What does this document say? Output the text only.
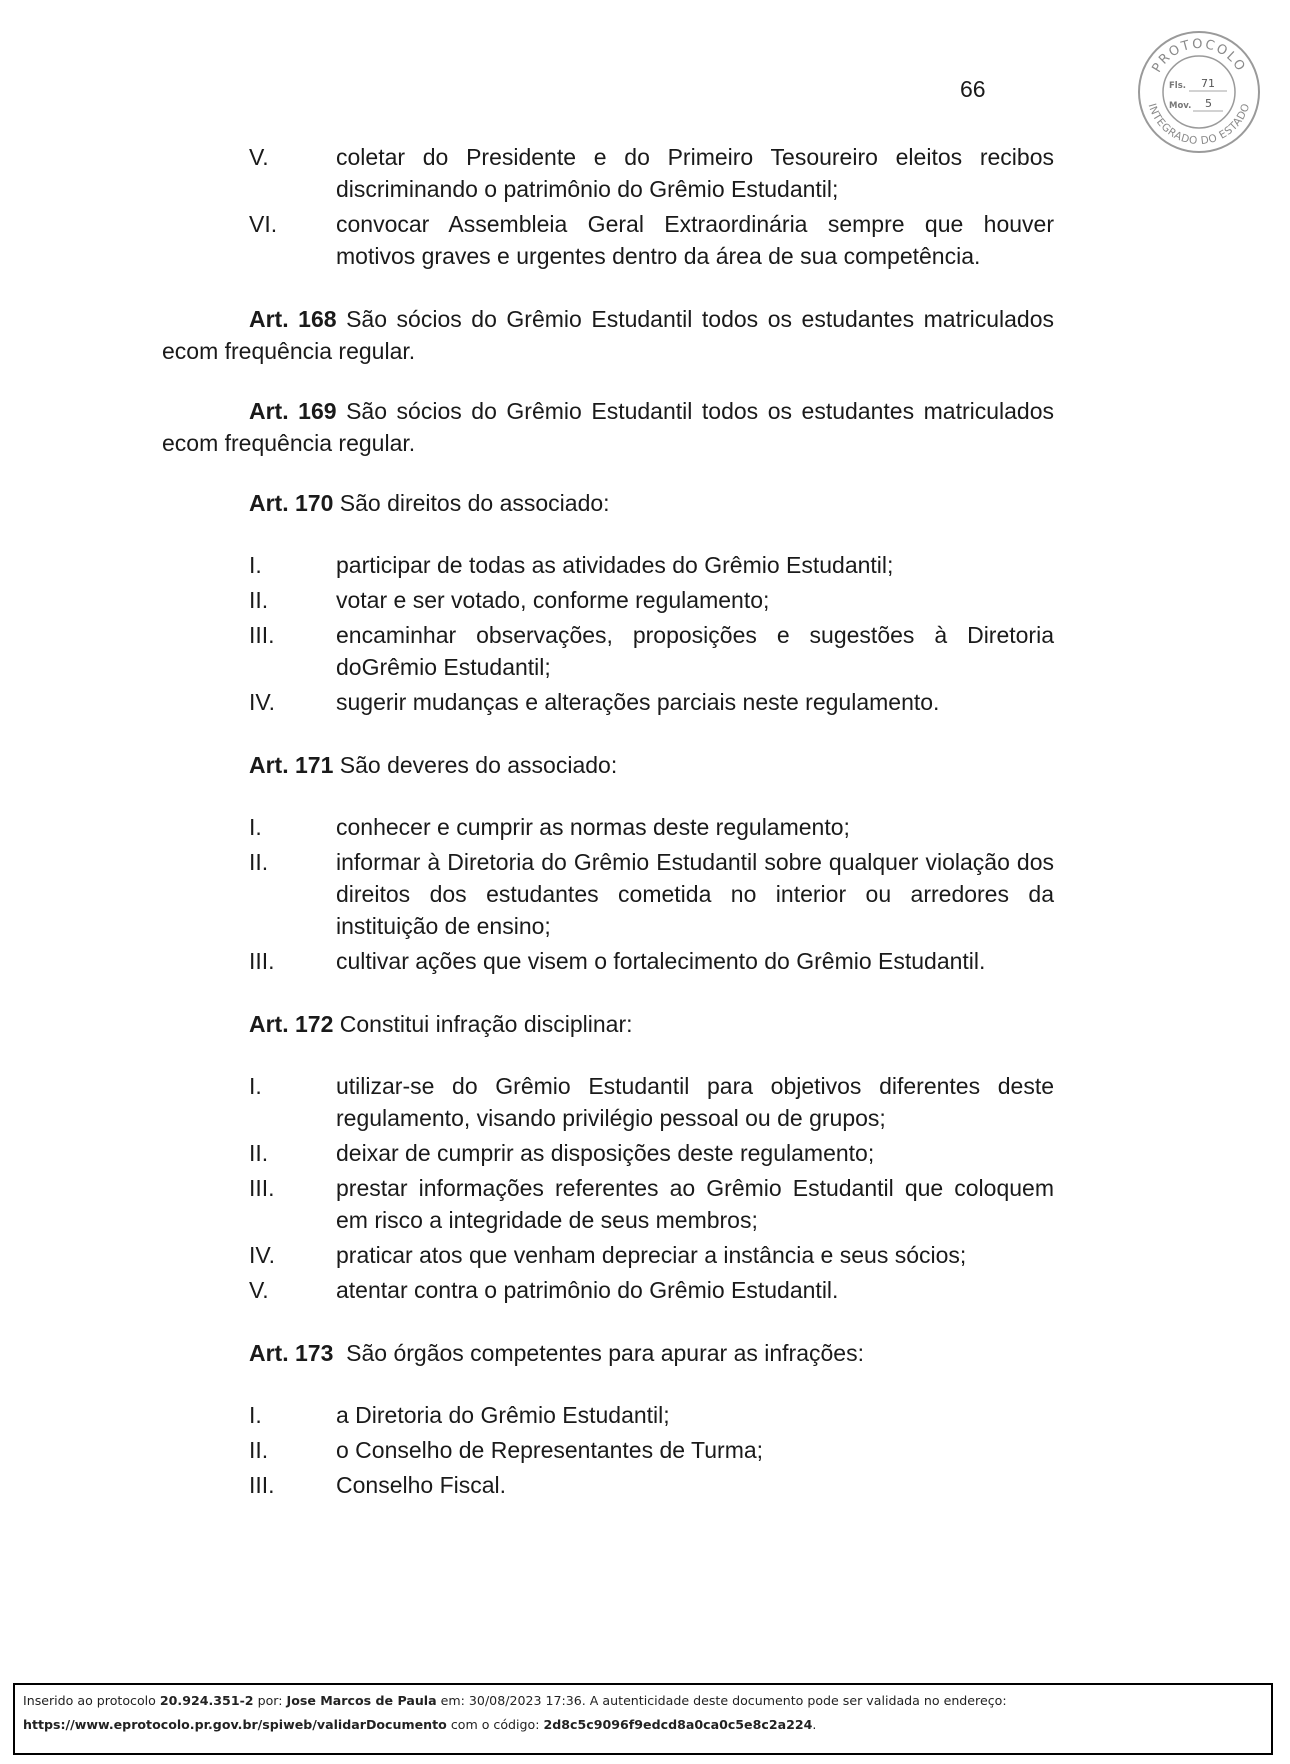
66
PROTOCOLO
INTEGRADO DO ESTADO
Fls. 71
Mov. 5
V.	coletar do Presidente e do Primeiro Tesoureiro eleitos recibos discriminando o patrimônio do Grêmio Estudantil;
VI.	convocar Assembleia Geral Extraordinária sempre que houver motivos graves e urgentes dentro da área de sua competência.

Art. 168 São sócios do Grêmio Estudantil todos os estudantes matriculados ecom frequência regular.

Art. 169 São sócios do Grêmio Estudantil todos os estudantes matriculados ecom frequência regular.

Art. 170 São direitos do associado:

I.	participar de todas as atividades do Grêmio Estudantil;
II.	votar e ser votado, conforme regulamento;
III.	encaminhar observações, proposições e sugestões à Diretoria doGrêmio Estudantil;
IV.	sugerir mudanças e alterações parciais neste regulamento.

Art. 171 São deveres do associado:

I.	conhecer e cumprir as normas deste regulamento;
II.	informar à Diretoria do Grêmio Estudantil sobre qualquer violação dos direitos dos estudantes cometida no interior ou arredores da instituição de ensino;
III.	cultivar ações que visem o fortalecimento do Grêmio Estudantil.

Art. 172 Constitui infração disciplinar:

I.	utilizar-se do Grêmio Estudantil para objetivos diferentes deste regulamento, visando privilégio pessoal ou de grupos;
II.	deixar de cumprir as disposições deste regulamento;
III.	prestar informações referentes ao Grêmio Estudantil que coloquem em risco a integridade de seus membros;
IV.	praticar atos que venham depreciar a instância e seus sócios;
V.	atentar contra o patrimônio do Grêmio Estudantil.

Art. 173 São órgãos competentes para apurar as infrações:

I.	a Diretoria do Grêmio Estudantil;
II.	o Conselho de Representantes de Turma;
III.	Conselho Fiscal.
Inserido ao protocolo 20.924.351-2 por: Jose Marcos de Paula em: 30/08/2023 17:36. A autenticidade deste documento pode ser validada no endereço:
https://www.eprotocolo.pr.gov.br/spiweb/validarDocumento com o código: 2d8c5c9096f9edcd8a0ca0c5e8c2a224.
